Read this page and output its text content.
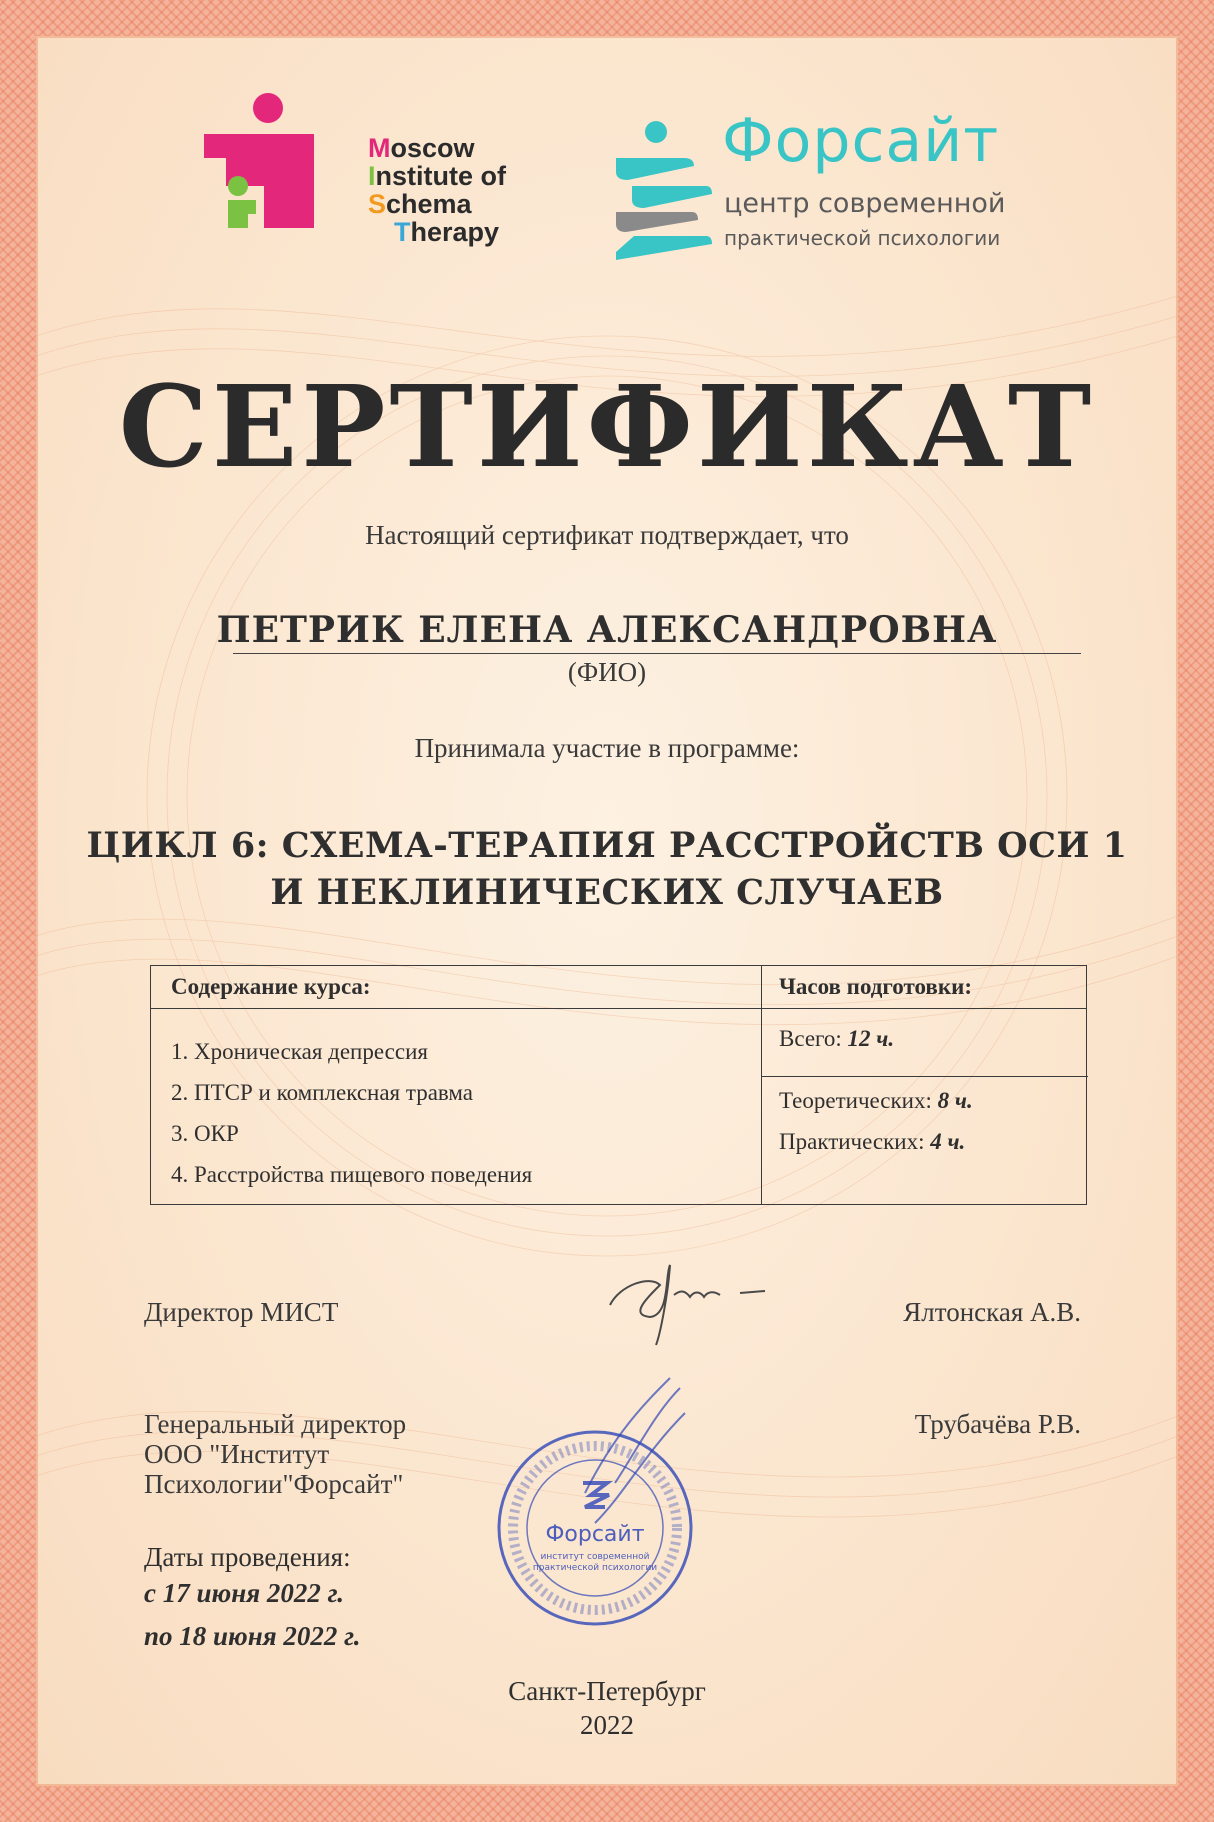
Moscow
Institute of
Schema
Therapy
Форсайт
центр современной
практической психологии
СЕРТИФИКАТ
Настоящий сертификат подтверждает, что
ПЕТРИК ЕЛЕНА АЛЕКСАНДРОВНА
(ФИО)
Принимала участие в программе:
ЦИКЛ 6: СХЕМА-ТЕРАПИЯ РАССТРОЙСТВ ОСИ 1
И НЕКЛИНИЧЕСКИХ СЛУЧАЕВ
Содержание курса:	Часов подготовки:
1. Хроническая депрессия
2. ПТСР и комплексная травма
3. ОКР
4. Расстройства пищевого поведения
Всего: 12 ч.
Теоретических: 8 ч.
Практических: 4 ч.
Директор МИСТ	Ялтонская А.В.
Генеральный директор
ООО "Институт
Психологии"Форсайт"
Трубачёва Р.В.
Форсайт
институт современной
практической психологии
Даты проведения:
с 17 июня 2022 г.
по 18 июня 2022 г.
Санкт-Петербург
2022
